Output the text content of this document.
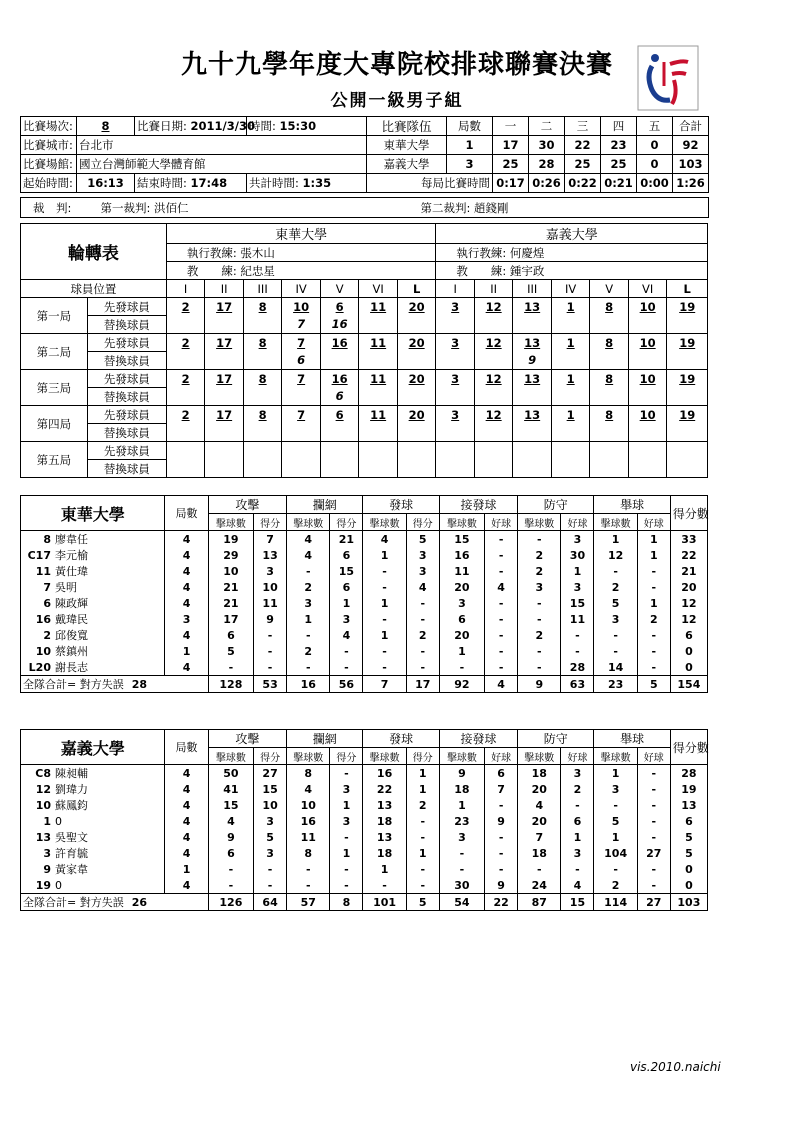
九十九學年度大專院校排球聯賽決賽
公開一級男子組
比賽場次:	8	比賽日期: 2011/3/30	時間: 15:30	比賽隊伍	局數	一	二	三	四	五	合計
比賽城市:	台北市			東華大學	1	17	30	22	23	0	92
比賽場館:	國立台灣師範大學體育館			嘉義大學	3	25	28	25	25	0	103
起始時間:	16:13	結束時間: 17:48	共計時間: 1:35	每局比賽時間		0:17	0:26	0:22	0:21	0:00	1:26
裁　判:	第一裁判: 洪佰仁	第二裁判: 趙錢剛
輪轉表		東華大學							嘉義大學						
		執行教練: 張木山							執行教練: 何慶煌						
		教　　練: 紀忠星							教　　練: 鍾宇政						
球員位置		I	II	III	IV	V	VI	L	I	II	III	IV	V	VI	L
第一局	先發球員	2	17	8	10	6	11	20	3	12	13	1	8	10	19
	替換球員				7	16									
第二局	先發球員	2	17	8	7	16	11	20	3	12	13	1	8	10	19
	替換球員				6						9				
第三局	先發球員	2	17	8	7	16	11	20	3	12	13	1	8	10	19
	替換球員					6									
第四局	先發球員	2	17	8	7	6	11	20	3	12	13	1	8	10	19
	替換球員														
第五局	先發球員														
	替換球員														
東華大學	局數	攻擊		攔網		發球		接發球		防守		舉球		得分數
		擊球數	得分	擊球數	得分	擊球數	得分	擊球數	好球	擊球數	好球	擊球數	好球	
8 廖韋任	4	19	7	4	21	4	5	15	-	-	3	1	1	33
C17 李元榆	4	29	13	4	6	1	3	16	-	2	30	12	1	22
11 黃仕瑋	4	10	3	-	15	-	3	11	-	2	1	-	-	21
7 吳明	4	21	10	2	6	-	4	20	4	3	3	2	-	20
6 陳政輝	4	21	11	3	1	1	-	3	-	-	15	5	1	12
16 戴瑋民	3	17	9	1	3	-	-	6	-	-	11	3	2	12
2 邱俊寬	4	6	-	-	4	1	2	20	-	2	-	-	-	6
10 蔡鎮州	1	5	-	2	-	-	-	1	-	-	-	-	-	0
L20 謝長志	4	-	-	-	-	-	-	-	-	-	28	14	-	0
全隊合計= 對方失誤 28		128	53	16	56	7	17	92	4	9	63	23	5	154
嘉義大學	局數	攻擊		攔網		發球		接發球		防守		舉球		得分數
		擊球數	得分	擊球數	得分	擊球數	得分	擊球數	好球	擊球數	好球	擊球數	好球	
C8 陳昶輔	4	50	27	8	-	16	1	9	6	18	3	1	-	28
12 劉瑋力	4	41	15	4	3	22	1	18	7	20	2	3	-	19
10 蘇鳳鈞	4	15	10	10	1	13	2	1	-	4	-	-	-	13
1 0	4	4	3	16	3	18	-	23	9	20	6	5	-	6
13 吳聖文	4	9	5	11	-	13	-	3	-	7	1	1	-	5
3 許育毓	4	6	3	8	1	18	1	-	-	18	3	104	27	5
9 黃家韋	1	-	-	-	-	1	-	-	-	-	-	-	-	0
19 0	4	-	-	-	-	-	-	30	9	24	4	2	-	0
全隊合計= 對方失誤 26		126	64	57	8	101	5	54	22	87	15	114	27	103
vis.2010.naichi
